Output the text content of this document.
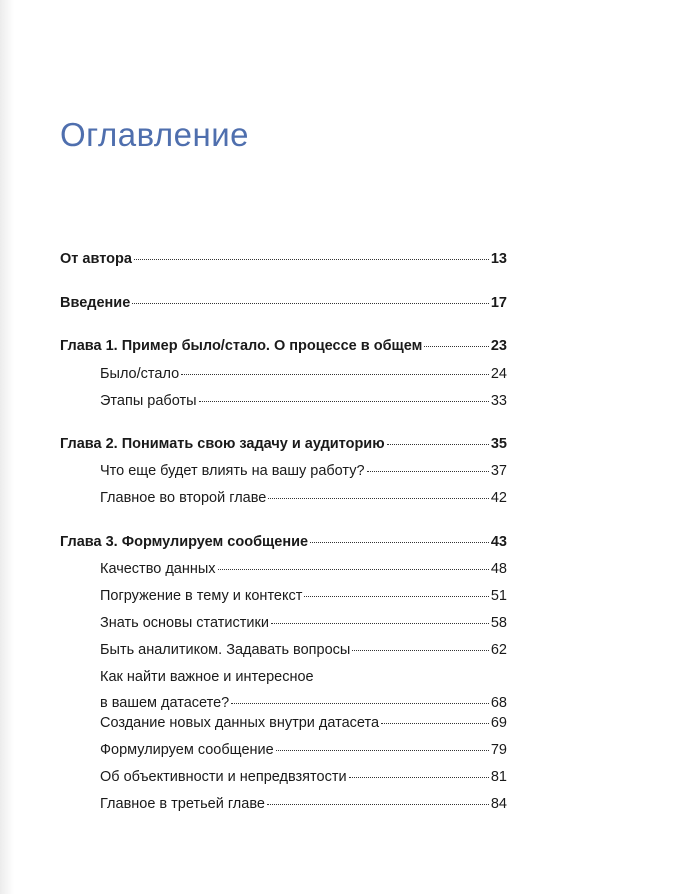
Оглавление
От автора	13
Введение	17
Глава 1. Пример было/стало. О процессе в общем	23
Было/стало	24
Этапы работы	33
Глава 2. Понимать свою задачу и аудиторию	35
Что еще будет влиять на вашу работу?	37
Главное во второй главе	42
Глава 3. Формулируем сообщение	43
Качество данных	48
Погружение в тему и контекст	51
Знать основы статистики	58
Быть аналитиком. Задавать вопросы	62
Как найти важное и интересное
в вашем датасете?	68
Создание новых данных внутри датасета	69
Формулируем сообщение	79
Об объективности и непредвзятости	81
Главное в третьей главе	84
